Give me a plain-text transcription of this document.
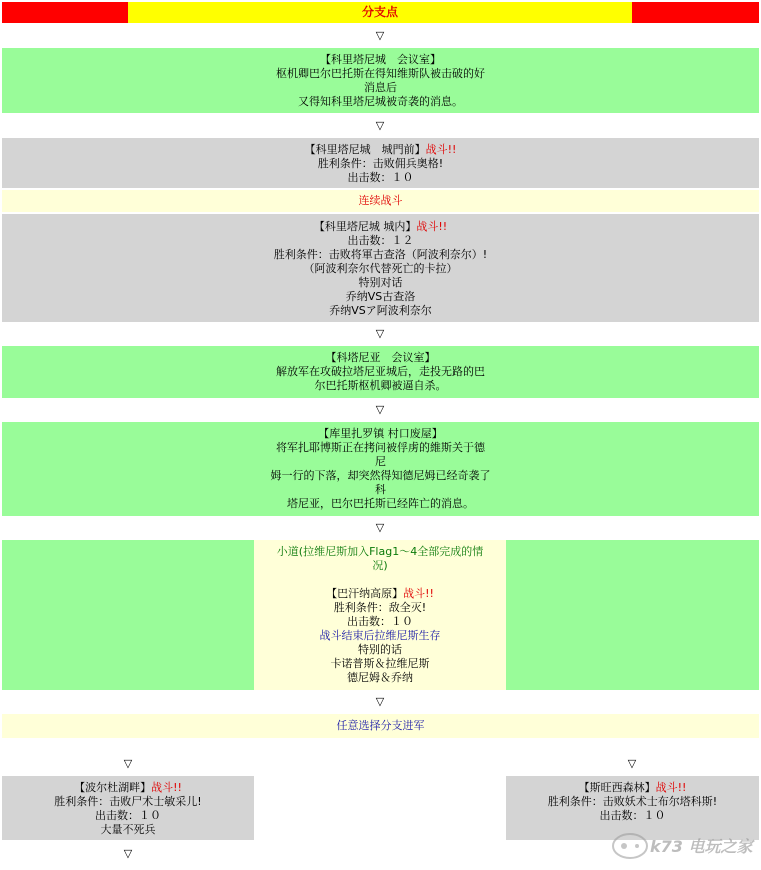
分支点
▽
【科里塔尼城　会议室】
枢机卿巴尔巴托斯在得知维斯队被击破的好
消息后
又得知科里塔尼城被奇袭的消息。
▽
【科里塔尼城　城門前】战斗!!
胜利条件：击败佣兵奥格!
出击数：１０
连续战斗
【科里塔尼城 城内】战斗!!
出击数：１２
胜利条件：击败将軍古查洛（阿波利奈尔）!
（阿波利奈尔代替死亡的卡拉）
特别对话
乔纳VS古查洛
乔纳VSア阿波利奈尔
▽
【科塔尼亚　会议室】
解放军在攻破拉塔尼亚城后，走投无路的巴
尔巴托斯枢机卿被逼自杀。
▽
【库里扎罗镇 村口废屋】
将军扎耶博斯正在拷问被俘虏的維斯关于德
尼
姆一行的下落，却突然得知德尼姆已经奇袭了
科
塔尼亚，巴尔巴托斯已经阵亡的消息。
▽
小道(拉维尼斯加入Flag1～4全部完成的情
况)

【巴汗纳高原】战斗!!
胜利条件：敌全灭!
出击数：１０
战斗结束后拉维尼斯生存
特别的话
卡诺普斯＆拉维尼斯
德尼姆＆乔纳
▽
任意选择分支进军
▽	▽
【波尔杜湖畔】战斗!!
胜利条件：击败尸术士敏采儿!
出击数：１０
大量不死兵
【斯旺西森林】战斗!!
胜利条件：击败妖术士布尔塔科斯!
出击数：１０
▽	k73 电玩之家
